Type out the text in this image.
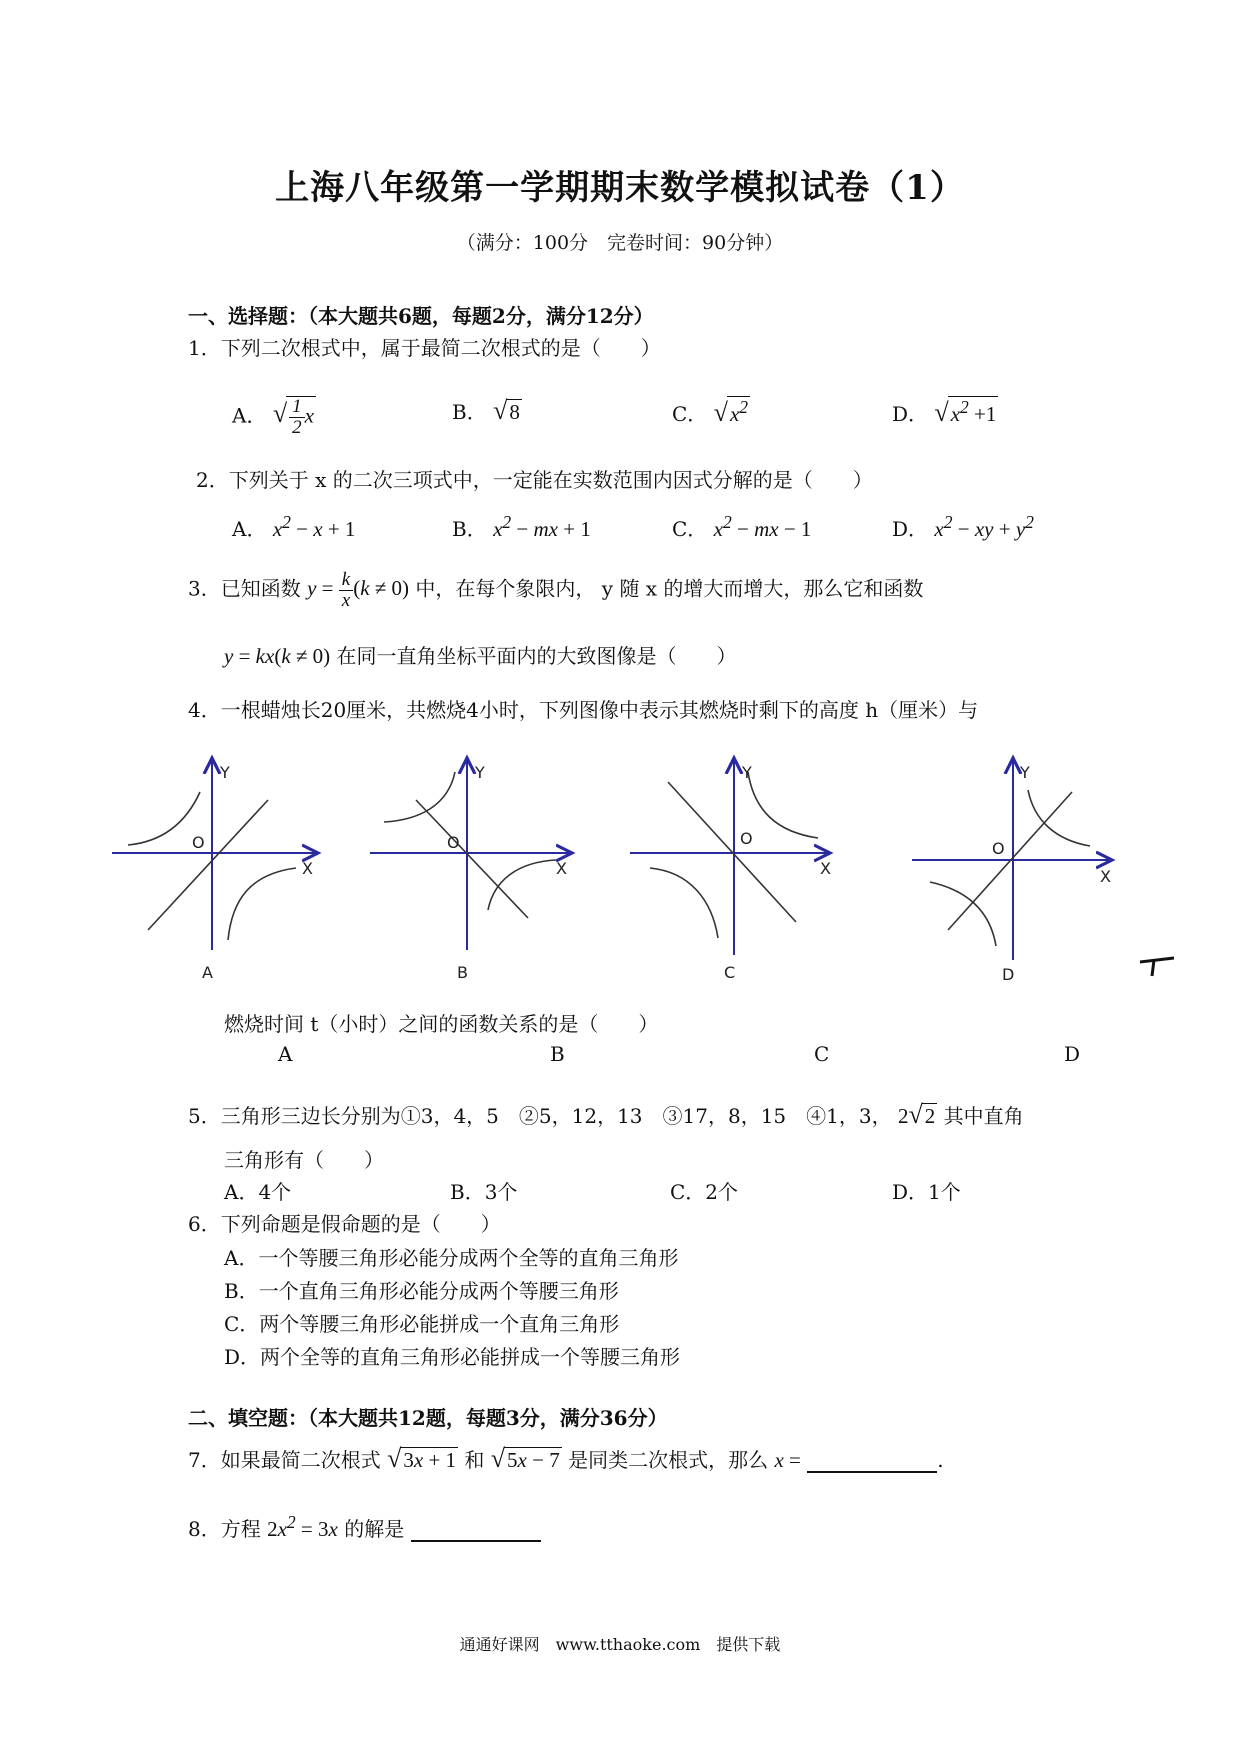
上海八年级第一学期期末数学模拟试卷（1）
（满分：100分　完卷时间：90分钟）
一、选择题：（本大题共6题，每题2分，满分12分）
1．下列二次根式中，属于最简二次根式的是（　　）
A． √ $\frac{1}{2}$ x	B． √8	C． $√x^2$	D． $√x^2 +1$
2．下列关于 x 的二次三项式中，一定能在实数范围内因式分解的是（　　）
A． $x^2 - x + 1$	B． $x^2$ − mx + 1	C． $x^2$ − mx − 1	D． $x^2$ − xy + $y^2$
3．已知函数 $y = \frac{k}{x} (k \ne 0)$ 中，在每个象限内， y 随 x 的增大而增大，那么它和函数
y = kx(k ≠ 0) 在同一直角坐标平面内的大致图像是（　　）
4．一根蜡烛长20厘米，共燃烧4小时，下列图像中表示其燃烧时剩下的高度 h（厘米）与
Y
X
O
A
Y
X
O
B
Y
X
O
C
Y
X
O
D
燃烧时间 t（小时）之间的函数关系的是（　　）
A	B	C	D
5．三角形三边长分别为①3，4，5　②5，12，13　③17，8，15　④1，3， 2√2 其中直角
三角形有（　　）
A．4个	B．3个	C．2个	D．1个
6．下列命题是假命题的是（　　）
A．一个等腰三角形必能分成两个全等的直角三角形
B．一个直角三角形必能分成两个等腰三角形
C．两个等腰三角形必能拼成一个直角三角形
D．两个全等的直角三角形必能拼成一个等腰三角形
二、填空题：（本大题共12题，每题3分，满分36分）
7．如果最简二次根式 √3x + 1 和 √5x − 7 是同类二次根式，那么 x =	.
8．方程 $2x^2 = 3x$ 的解是
通通好课网　www.tthaoke.com　提供下载
